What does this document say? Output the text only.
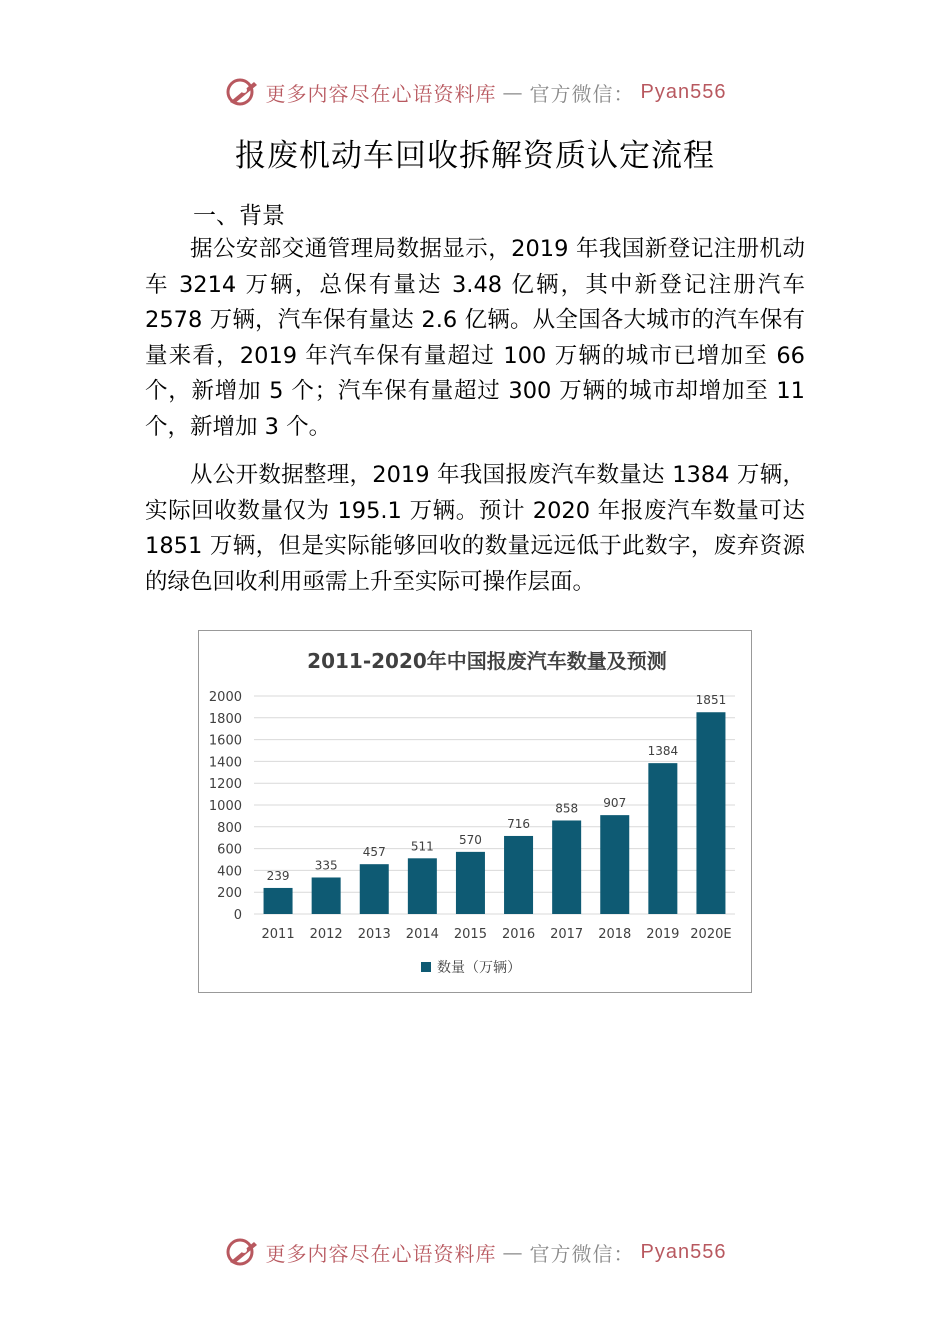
更多内容尽在心语资料库 — 官方微信： Pyan556
报废机动车回收拆解资质认定流程
一、背景
据公安部交通管理局数据显示，2019 年我国新登记注册机动车 3214 万辆，总保有量达 3.48 亿辆，其中新登记注册汽车 2578 万辆，汽车保有量达 2.6 亿辆。从全国各大城市的汽车保有量来看，2019 年汽车保有量超过 100 万辆的城市已增加至 66 个，新增加 5 个；汽车保有量超过 300 万辆的城市却增加至 11 个，新增加 3 个。
从公开数据整理，2019 年我国报废汽车数量达 1384 万辆，实际回收数量仅为 195.1 万辆。预计 2020 年报废汽车数量可达 1851 万辆，但是实际能够回收的数量远远低于此数字，废弃资源的绿色回收利用亟需上升至实际可操作层面。
2011-2020年中国报废汽车数量及预测
0
200
400
600
800
1000
1200
1400
1600
1800
2000
239
2011
335
2012
457
2013
511
2014
570
2015
716
2016
858
2017
907
2018
1384
2019
1851
2020E
数量（万辆）
更多内容尽在心语资料库 — 官方微信： Pyan556
